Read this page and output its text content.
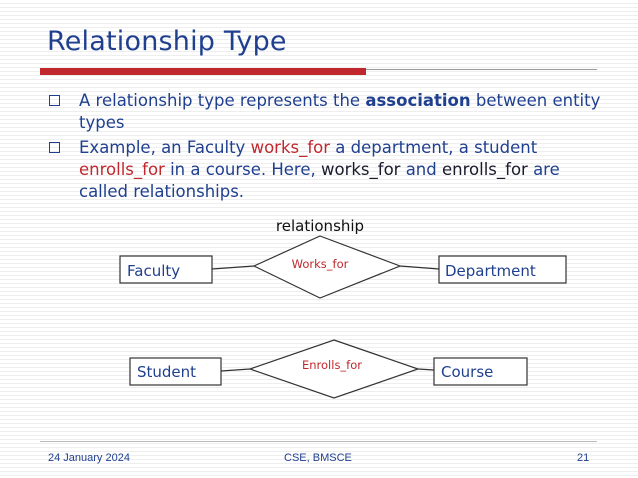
Relationship Type
A relationship type represents the association between entity types
Example, an Faculty works_for a department, a student enrolls_for in a course. Here, works_for and enrolls_for are called relationships.
relationship
Works_for
Faculty	Department
Enrolls_for
Student	Course
24 January 2024	CSE, BMSCE	21
